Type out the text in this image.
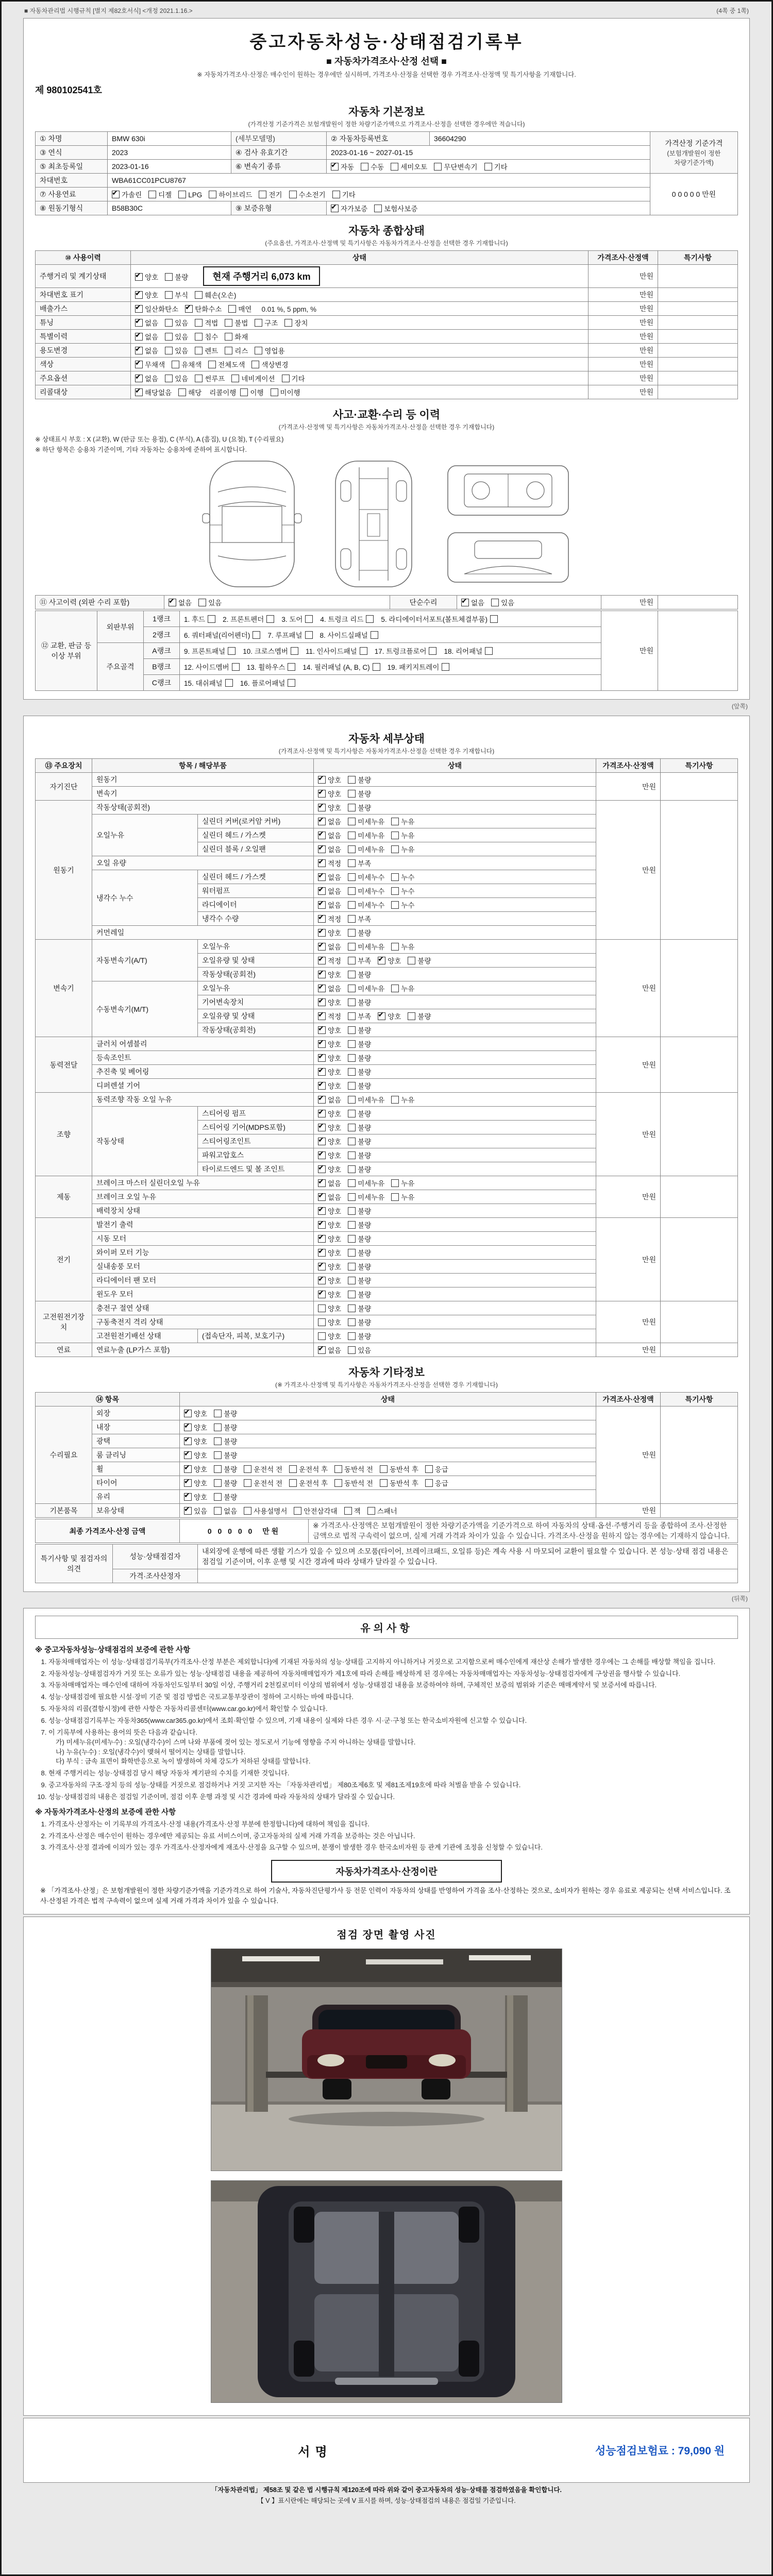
■ 자동차관리법 시행규칙 [별지 제82호서식] <개정 2021.1.16.>	(4쪽 중 1쪽)
중고자동차성능·상태점검기록부
■ 자동차가격조사·산정 선택 ■
※ 자동차가격조사·산정은 매수인이 원하는 경우에만 실시하며, 가격조사·산정을 선택한 경우 가격조사·산정액 및 특기사항을 기재합니다.
제 980102541호
자동차 기본정보
(가격산정 기준가격은 보험개발원이 정한 차량기준가액으로 가격조사·산정을 선택한 경우에만 적습니다)
① 차명	BMW 630i	(세부모델명)	② 자동차등록번호	36604290	가격산정 기준가격
(보험개발원이 정한 차량기준가액)

③ 연식	2023	④ 검사 유효기간	2023-01-16 ~ 2027-01-15		
⑤ 최초등록일	2023-01-16	⑥ 변속기 종류	✔자동 수동 세미오토 무단변속기 기타
차대번호	WBA61CC01PCU8767				0 0 0 0 0 만원
⑦ 사용연료	✔가솔린 디젤 LPG 하이브리드 전기 수소전기 기타
⑧ 원동기형식	B58B30C	⑨ 보증유형	✔자가보증 보험사보증
자동차 종합상태
(주요옵션, 가격조사·산정액 및 특기사항은 자동차가격조사·산정을 선택한 경우 기재합니다)
⑩ 사용이력	상태	가격조사·산정액	특기사항
주행거리 및 계기상태	✔양호 불량 현재 주행거리 6,073 km	만원	
차대번호 표기	✔양호 부식 훼손(오손)	만원	
배출가스	✔일산화탄소 ✔ 탄화수소 매연 0.01 %, 5 ppm, %	만원	
튜닝	✔없음 있음 적법 불법 구조 장치	만원	
특별이력	✔없음 있음 침수 화재	만원	
용도변경	✔없음 있음 렌트 리스 영업용	만원	
색상	✔무채색 유채색 전체도색 색상변경	만원	
주요옵션	✔없음 있음 썬루프 네비게이션 기타	만원	
리콜대상	✔해당없음 해당 리콜이행 이행 미이행	만원	
사고·교환·수리 등 이력
(가격조사·산정액 및 특기사항은 자동차가격조사·산정을 선택한 경우 기재합니다)
※ 상태표시 부호 : X (교환), W (판금 또는 용접), C (부식), A (흠집), U (요철), T (수리필요)
※ 하단 항목은 승용차 기준이며, 기타 자동차는 승용차에 준하여 표시합니다.
⑪ 사고이력 (외판 수리 포함)	✔없음 있음	단순수리	✔없음 있음	만원	
⑫ 교환, 판금 등 이상 부위	외판부위	1랭크	1. 후드 2. 프론트펜더 3. 도어 4. 트렁크 리드 5. 라디에이터서포트(볼트체결부품)	만원	
		2랭크	6. 쿼터패널(리어펜더) 7. 루프패널 8. 사이드실패널		
	주요골격	A랭크	9. 프론트패널 10. 크로스멤버 11. 인사이드패널 17. 트렁크플로어 18. 리어패널		
		B랭크	12. 사이드멤버 13. 휠하우스 14. 필러패널 (A, B, C) 19. 패키지트레이		
		C랭크	15. 대쉬패널 16. 플로어패널		
(앞쪽)
자동차 세부상태
(가격조사·산정액 및 특기사항은 자동차가격조사·산정을 선택한 경우 기재합니다)
⑬ 주요장치	항목 / 해당부품		상태	가격조사·산정액	특기사항
자기진단	원동기	✔양호 불량	만원	
	변속기	✔양호 불량
원동기	작동상태(공회전)	✔양호 불량	만원	
	오일누유	실린더 커버(로커암 커버)	✔없음 미세누유 누유
		실린더 헤드 / 가스켓	✔없음 미세누유 누유
		실린더 블록 / 오일팬	✔없음 미세누유 누유
	오일 유량	✔적정 부족
	냉각수 누수	실린더 헤드 / 가스켓	✔없음 미세누수 누수
		워터펌프	✔없음 미세누수 누수
		라디에이터	✔없음 미세누수 누수
		냉각수 수량	✔적정 부족
	커먼레일	✔양호 불량
변속기	자동변속기(A/T)	오일누유	✔없음 미세누유 누유	만원	
		오일유량 및 상태	✔적정 부족 ✔ 양호 불량
		작동상태(공회전)	✔양호 불량
	수동변속기(M/T)	오일누유	✔없음 미세누유 누유
		기어변속장치	✔양호 불량
		오일유량 및 상태	✔적정 부족 ✔ 양호 불량
		작동상태(공회전)	✔양호 불량
동력전달	클러치 어셈블리	✔양호 불량	만원	
	등속조인트	✔양호 불량
	추진축 및 베어링	✔양호 불량
	디퍼렌셜 기어	✔양호 불량
조향	동력조향 작동 오일 누유	✔없음 미세누유 누유	만원	
	작동상태	스티어링 펌프	✔양호 불량
		스티어링 기어(MDPS포함)	✔양호 불량
		스티어링조인트	✔양호 불량
		파워고압호스	✔양호 불량
		타이로드엔드 및 볼 조인트	✔양호 불량
제동	브레이크 마스터 실린더오일 누유	✔없음 미세누유 누유	만원	
	브레이크 오일 누유	✔없음 미세누유 누유
	배력장치 상태	✔양호 불량
전기	발전기 출력	✔양호 불량	만원	
	시동 모터	✔양호 불량
	와이퍼 모터 기능	✔양호 불량
	실내송풍 모터	✔양호 불량
	라디에이터 팬 모터	✔양호 불량
	윈도우 모터	✔양호 불량
고전원전기장치	충전구 절연 상태		양호 불량	만원	
	구동축전지 격리 상태		양호 불량		
	고전원전기배선 상태	(접속단자, 피복, 보호기구)	양호 불량		
연료	연료누출 (LP가스 포함)	✔없음 있음	만원	
자동차 기타정보
(※ 가격조사·산정액 및 특기사항은 자동차가격조사·산정을 선택한 경우 기재합니다)
⑭ 항목		상태	가격조사·산정액	특기사항
수리필요	외장	✔양호 불량	만원	
	내장	✔양호 불량
	광택	✔양호 불량
	룸 클리닝	✔양호 불량
	휠	✔양호 불량 운전석 전 운전석 후 동반석 전 동반석 후 응급
	타이어	✔양호 불량 운전석 전 운전석 후 동반석 전 동반석 후 응급
	유리	✔양호 불량
기본품목	보유상태	✔있음 없음 사용설명서 안전삼각대 잭 스패너	만원	
최종 가격조사·산정 금액	0 0 0 0 0 만원	※ 가격조사·산정액은 보험개발원이 정한 차량기준가액을 기준가격으로 하여 자동차의 상태·옵션·주행거리 등을 종합하여 조사·산정한 금액으로 법적 구속력이 없으며, 실제 거래 가격과 차이가 있을 수 있습니다. 가격조사·산정을 원하지 않는 경우에는 기재하지 않습니다.
특기사항 및 점검자의 의견	성능·상태점검자	내외장에 운행에 따른 생활 기스가 있을 수 있으며 소모품(타이어, 브레이크패드, 오일류 등)은 계속 사용 시 마모되어 교환이 필요할 수 있습니다. 본 성능·상태 점검 내용은 점검일 기준이며, 이후 운행 및 시간 경과에 따라 상태가 달라질 수 있습니다.
	가격·조사산정자	
(뒤쪽)
유의사항
※ 중고자동차성능·상태점검의 보증에 관한 사항
1. 자동차매매업자는 이 성능·상태점검기록부(가격조사·산정 부분은 제외합니다)에 기재된 자동차의 성능·상태를 고지하지 아니하거나 거짓으로 고지함으로써 매수인에게 재산상 손해가 발생한 경우에는 그 손해를 배상할 책임을 집니다.
2. 자동차성능·상태점검자가 거짓 또는 오류가 있는 성능·상태점검 내용을 제공하여 자동차매매업자가 제1호에 따라 손해를 배상하게 된 경우에는 자동차매매업자는 자동차성능·상태점검자에게 구상권을 행사할 수 있습니다.
3. 자동차매매업자는 매수인에 대하여 자동차인도일부터 30일 이상, 주행거리 2천킬로미터 이상의 범위에서 성능·상태점검 내용을 보증하여야 하며, 구체적인 보증의 범위와 기준은 매매계약서 및 보증서에 따릅니다.
4. 성능·상태점검에 필요한 시설·장비 기준 및 점검 방법은 국토교통부장관이 정하여 고시하는 바에 따릅니다.
5. 자동차의 리콜(결함시정)에 관한 사항은 자동차리콜센터(www.car.go.kr)에서 확인할 수 있습니다.
6. 성능·상태점검기록부는 자동차365(www.car365.go.kr)에서 조회·확인할 수 있으며, 기재 내용이 실제와 다른 경우 시·군·구청 또는 한국소비자원에 신고할 수 있습니다.
7. 이 기록부에 사용하는 용어의 뜻은 다음과 같습니다.
가) 미세누유(미세누수) : 오일(냉각수)이 스며 나와 부품에 젖어 있는 정도로서 기능에 영향을 주지 아니하는 상태를 말합니다.
나) 누유(누수) : 오일(냉각수)이 맺혀서 떨어지는 상태를 말합니다.
다) 부식 : 금속 표면이 화학반응으로 녹이 발생하여 차체 강도가 저하된 상태를 말합니다.
8. 현재 주행거리는 성능·상태점검 당시 해당 자동차 계기판의 수치를 기재한 것입니다.
9. 중고자동차의 구조·장치 등의 성능·상태를 거짓으로 점검하거나 거짓 고지한 자는 「자동차관리법」 제80조제6호 및 제81조제19호에 따라 처벌을 받을 수 있습니다.
10. 성능·상태점검의 내용은 점검일 기준이며, 점검 이후 운행 과정 및 시간 경과에 따라 자동차의 상태가 달라질 수 있습니다.
※ 자동차가격조사·산정의 보증에 관한 사항
1. 가격조사·산정자는 이 기록부의 가격조사·산정 내용(가격조사·산정 부분에 한정합니다)에 대하여 책임을 집니다.
2. 가격조사·산정은 매수인이 원하는 경우에만 제공되는 유료 서비스이며, 중고자동차의 실제 거래 가격을 보증하는 것은 아닙니다.
3. 가격조사·산정 결과에 이의가 있는 경우 가격조사·산정자에게 재조사·산정을 요구할 수 있으며, 분쟁이 발생한 경우 한국소비자원 등 관계 기관에 조정을 신청할 수 있습니다.
자동차가격조사·산정이란
※ 「가격조사·산정」은 보험개발원이 정한 차량기준가액을 기준가격으로 하여 기술사, 자동차진단평가사 등 전문 인력이 자동차의 상태를 반영하여 가격을 조사·산정하는 것으로, 소비자가 원하는 경우 유료로 제공되는 선택 서비스입니다. 조사·산정된 가격은 법적 구속력이 없으며 실제 거래 가격과 차이가 있을 수 있습니다.
점검 장면 촬영 사진
서명	성능점검보험료 : 79,090 원
「자동차관리법」 제58조 및 같은 법 시행규칙 제120조에 따라 위와 같이 중고자동차의 성능·상태를 점검하였음을 확인합니다.
【 V 】표시란에는 해당되는 곳에 V 표시를 하며, 성능·상태점검의 내용은 점검일 기준입니다.
